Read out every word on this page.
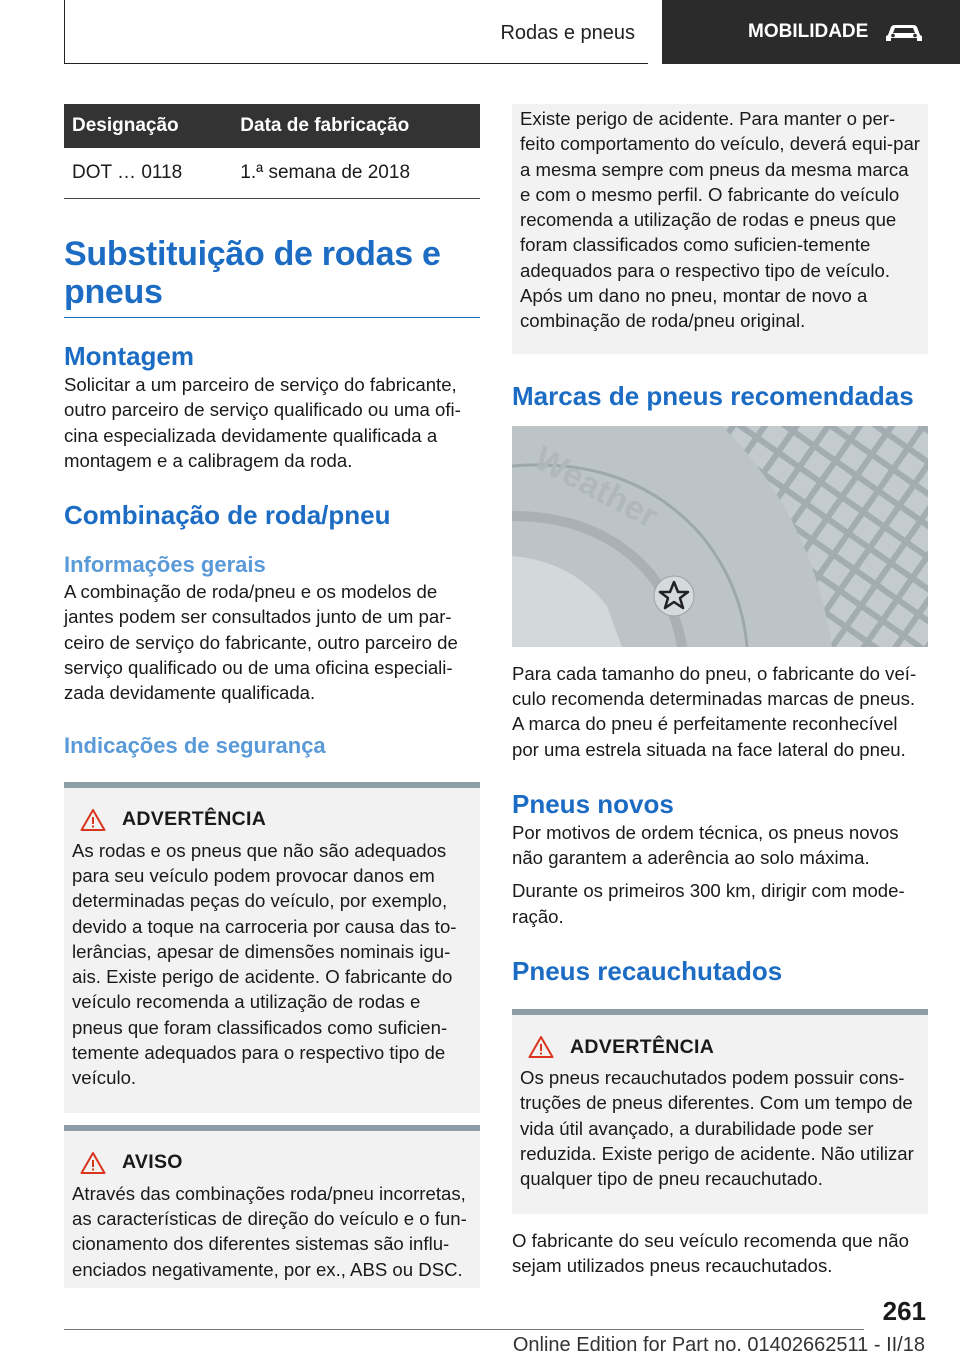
Rodas e pneus	MOBILIDADE
Designação	Data de fabricação
DOT … 0118	1.ª semana de 2018
Substituição de rodas e pneus
Montagem

Solicitar a um parceiro de serviço do fabricante, outro parceiro de serviço qualificado ou uma ofi-cina especializada devidamente qualificada a montagem e a calibragem da roda.

Combinação de roda/pneu
Informações gerais

A combinação de roda/pneu e os modelos de jantes podem ser consultados junto de um par-ceiro de serviço do fabricante, outro parceiro de serviço qualificado ou de uma oficina especiali-zada devidamente qualificada.

Indicações de segurança
ADVERTÊNCIA

As rodas e os pneus que não são adequados para seu veículo podem provocar danos em determinadas peças do veículo, por exemplo, devido a toque na carroceria por causa das to-lerâncias, apesar de dimensões nominais igu-ais. Existe perigo de acidente. O fabricante do veículo recomenda a utilização de rodas e pneus que foram classificados como suficien-temente adequados para o respectivo tipo de veículo.

AVISO

Através das combinações roda/pneu incorretas, as características de direção do veículo e o fun-cionamento dos diferentes sistemas são influ-enciados negativamente, por ex., ABS ou DSC.

Existe perigo de acidente. Para manter o per-feito comportamento do veículo, deverá equi-par a mesma sempre com pneus da mesma marca e com o mesmo perfil. O fabricante do veículo recomenda a utilização de rodas e pneus que foram classificados como suficien-temente adequados para o respectivo tipo de veículo. Após um dano no pneu, montar de novo a combinação de roda/pneu original.

Marcas de pneus recomendadas
Weather

Para cada tamanho do pneu, o fabricante do veí-culo recomenda determinadas marcas de pneus. A marca do pneu é perfeitamente reconhecível por uma estrela situada na face lateral do pneu.

Pneus novos

Por motivos de ordem técnica, os pneus novos não garantem a aderência ao solo máxima.

Durante os primeiros 300 km, dirigir com mode-ração.

Pneus recauchutados
ADVERTÊNCIA

Os pneus recauchutados podem possuir cons-truções de pneus diferentes. Com um tempo de vida útil avançado, a durabilidade pode ser reduzida. Existe perigo de acidente. Não utilizar qualquer tipo de pneu recauchutado.

O fabricante do seu veículo recomenda que não sejam utilizados pneus recauchutados.

261
Online Edition for Part no. 01402662511 - II/18
